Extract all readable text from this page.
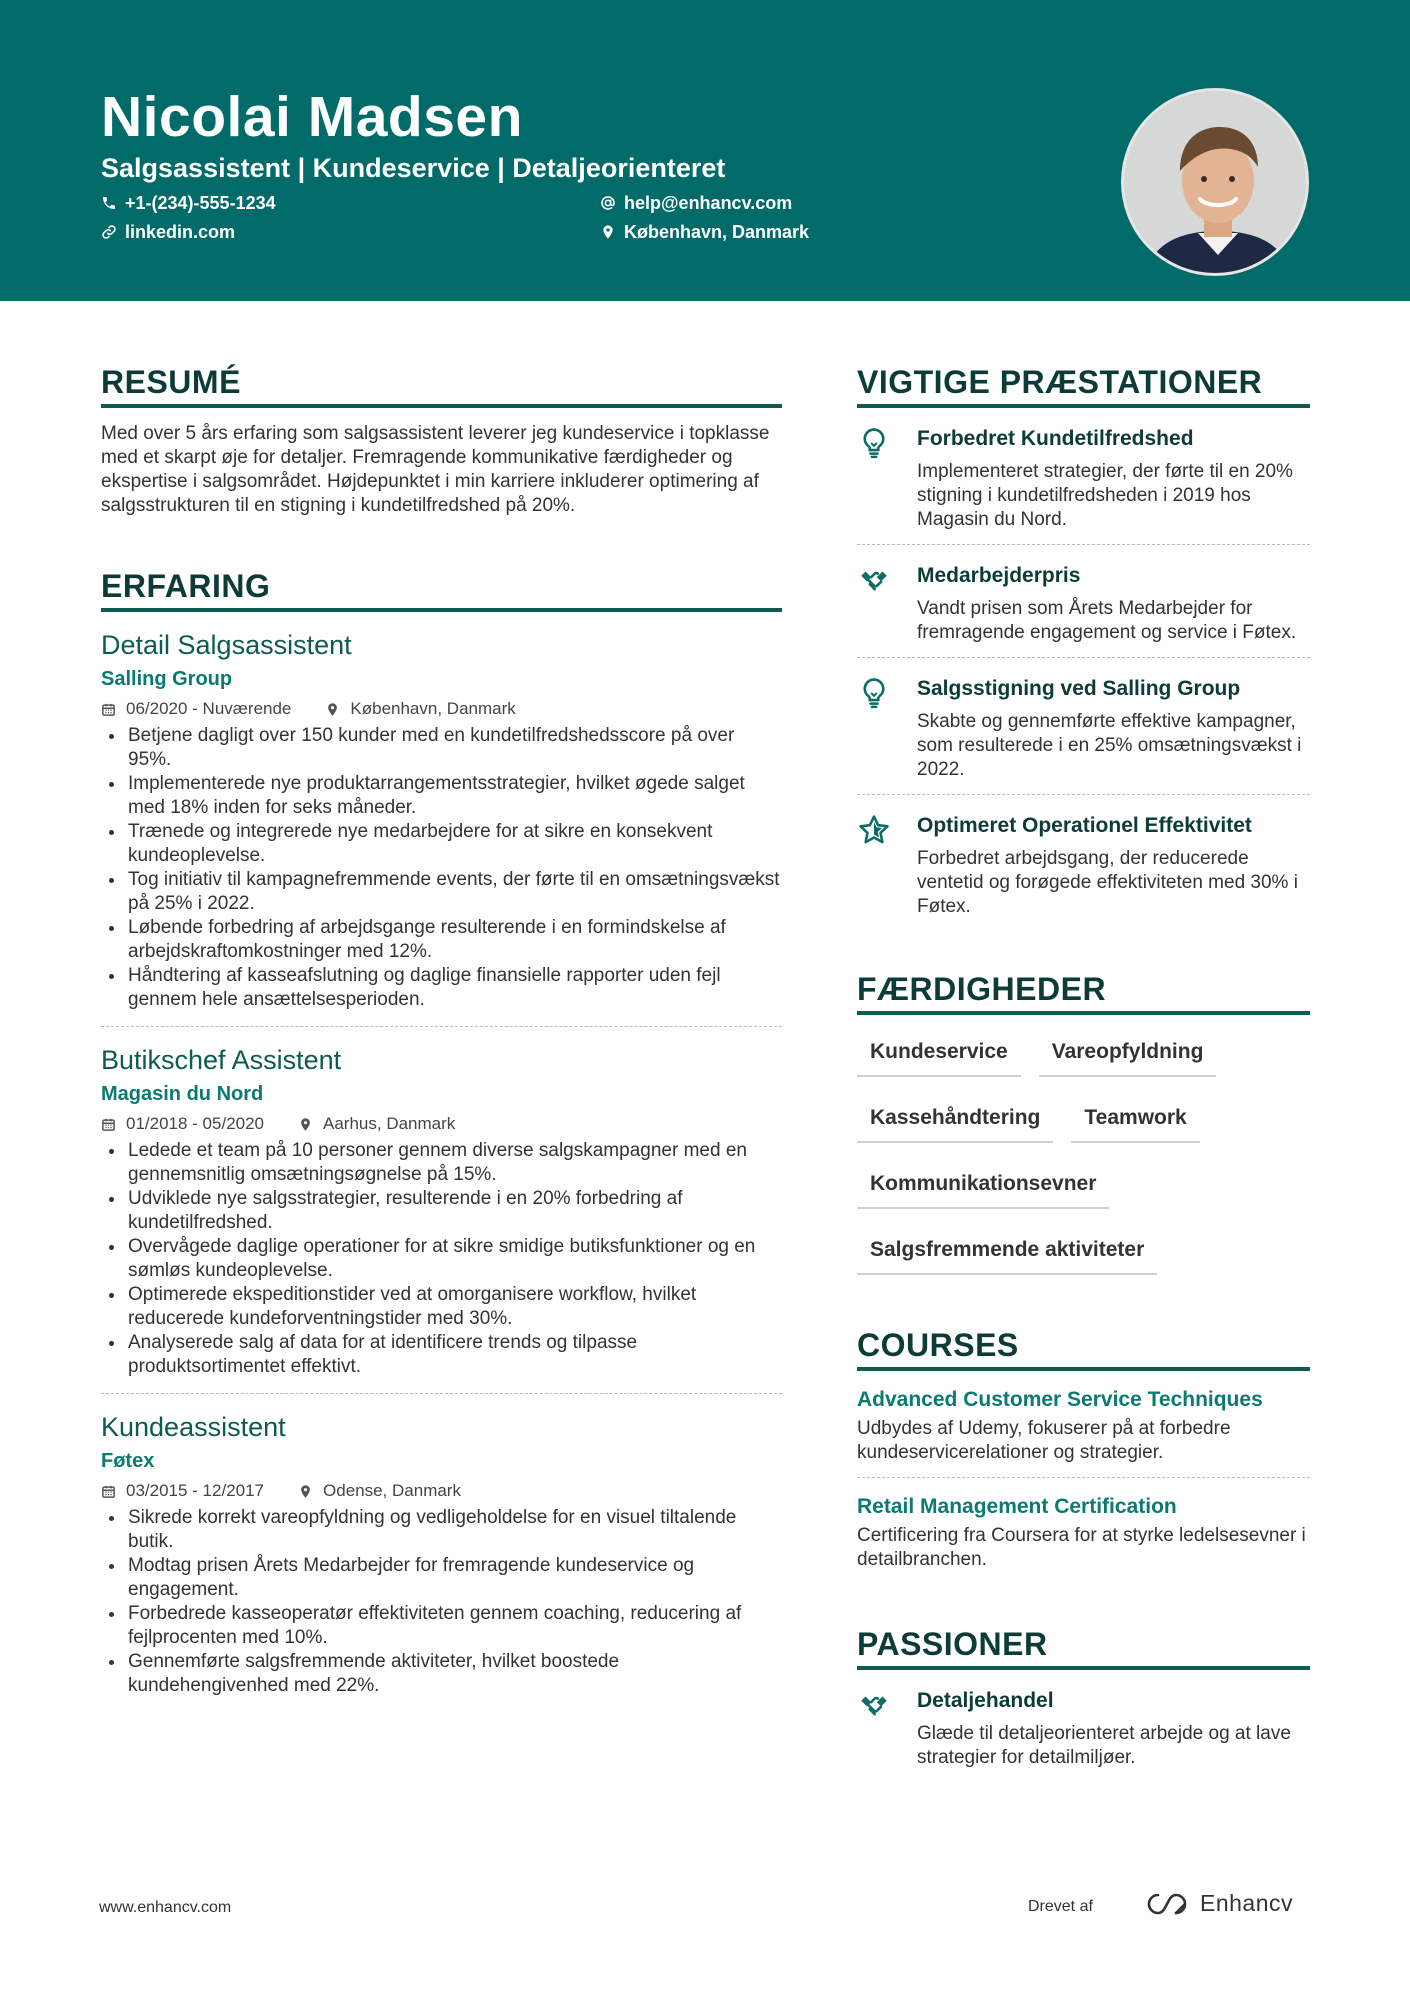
Nicolai Madsen
Salgsassistent | Kundeservice | Detaljeorienteret
+1-(234)-555-1234	help@enhancv.com
linkedin.com	København, Danmark
RESUMÉ

Med over 5 års erfaring som salgsassistent leverer jeg kundeservice i topklasse med et skarpt øje for detaljer. Fremragende kommunikative færdigheder og ekspertise i salgsområdet. Højdepunktet i min karriere inkluderer optimering af salgsstrukturen til en stigning i kundetilfredshed på 20%.

ERFARING
Detail Salgsassistent
Salling Group
06/2020 - Nuværende	København, Danmark
Betjene dagligt over 150 kunder med en kundetilfredshedsscore på over 95%.
Implementerede nye produktarrangementsstrategier, hvilket øgede salget med 18% inden for seks måneder.
Trænede og integrerede nye medarbejdere for at sikre en konsekvent kundeoplevelse.
Tog initiativ til kampagnefremmende events, der førte til en omsætningsvækst på 25% i 2022.
Løbende forbedring af arbejdsgange resulterende i en formindskelse af arbejdskraftomkostninger med 12%.
Håndtering af kasseafslutning og daglige finansielle rapporter uden fejl gennem hele ansættelsesperioden.
Butikschef Assistent
Magasin du Nord
01/2018 - 05/2020	Aarhus, Danmark
Ledede et team på 10 personer gennem diverse salgskampagner med en gennemsnitlig omsætningsøgnelse på 15%.
Udviklede nye salgsstrategier, resulterende i en 20% forbedring af kundetilfredshed.
Overvågede daglige operationer for at sikre smidige butiksfunktioner og en sømløs kundeoplevelse.
Optimerede ekspeditionstider ved at omorganisere workflow, hvilket reducerede kundeforventningstider med 30%.
Analyserede salg af data for at identificere trends og tilpasse produktsortimentet effektivt.
Kundeassistent
Føtex
03/2015 - 12/2017	Odense, Danmark
Sikrede korrekt vareopfyldning og vedligeholdelse for en visuel tiltalende butik.
Modtag prisen Årets Medarbejder for fremragende kundeservice og engagement.
Forbedrede kasseoperatør effektiviteten gennem coaching, reducering af fejlprocenten med 10%.
Gennemførte salgsfremmende aktiviteter, hvilket boostede kundehengivenhed med 22%.
VIGTIGE PRÆSTATIONER
Forbedret Kundetilfredshed
Implementeret strategier, der førte til en 20% stigning i kundetilfredsheden i 2019 hos Magasin du Nord.
Medarbejderpris
Vandt prisen som Årets Medarbejder for fremragende engagement og service i Føtex.
Salgsstigning ved Salling Group
Skabte og gennemførte effektive kampagner, som resulterede i en 25% omsætningsvækst i 2022.
Optimeret Operationel Effektivitet
Forbedret arbejdsgang, der reducerede ventetid og forøgede effektiviteten med 30% i Føtex.
FÆRDIGHEDER
Kundeservice	Vareopfyldning
Kassehåndtering	Teamwork
Kommunikationsevner
Salgsfremmende aktiviteter
COURSES
Advanced Customer Service Techniques
Udbydes af Udemy, fokuserer på at forbedre kundeservicerelationer og strategier.
Retail Management Certification
Certificering fra Coursera for at styrke ledelsesevner i detailbranchen.
PASSIONER
Detaljehandel
Glæde til detaljeorienteret arbejde og at lave strategier for detailmiljøer.
www.enhancv.com	Drevet af	Enhancv
